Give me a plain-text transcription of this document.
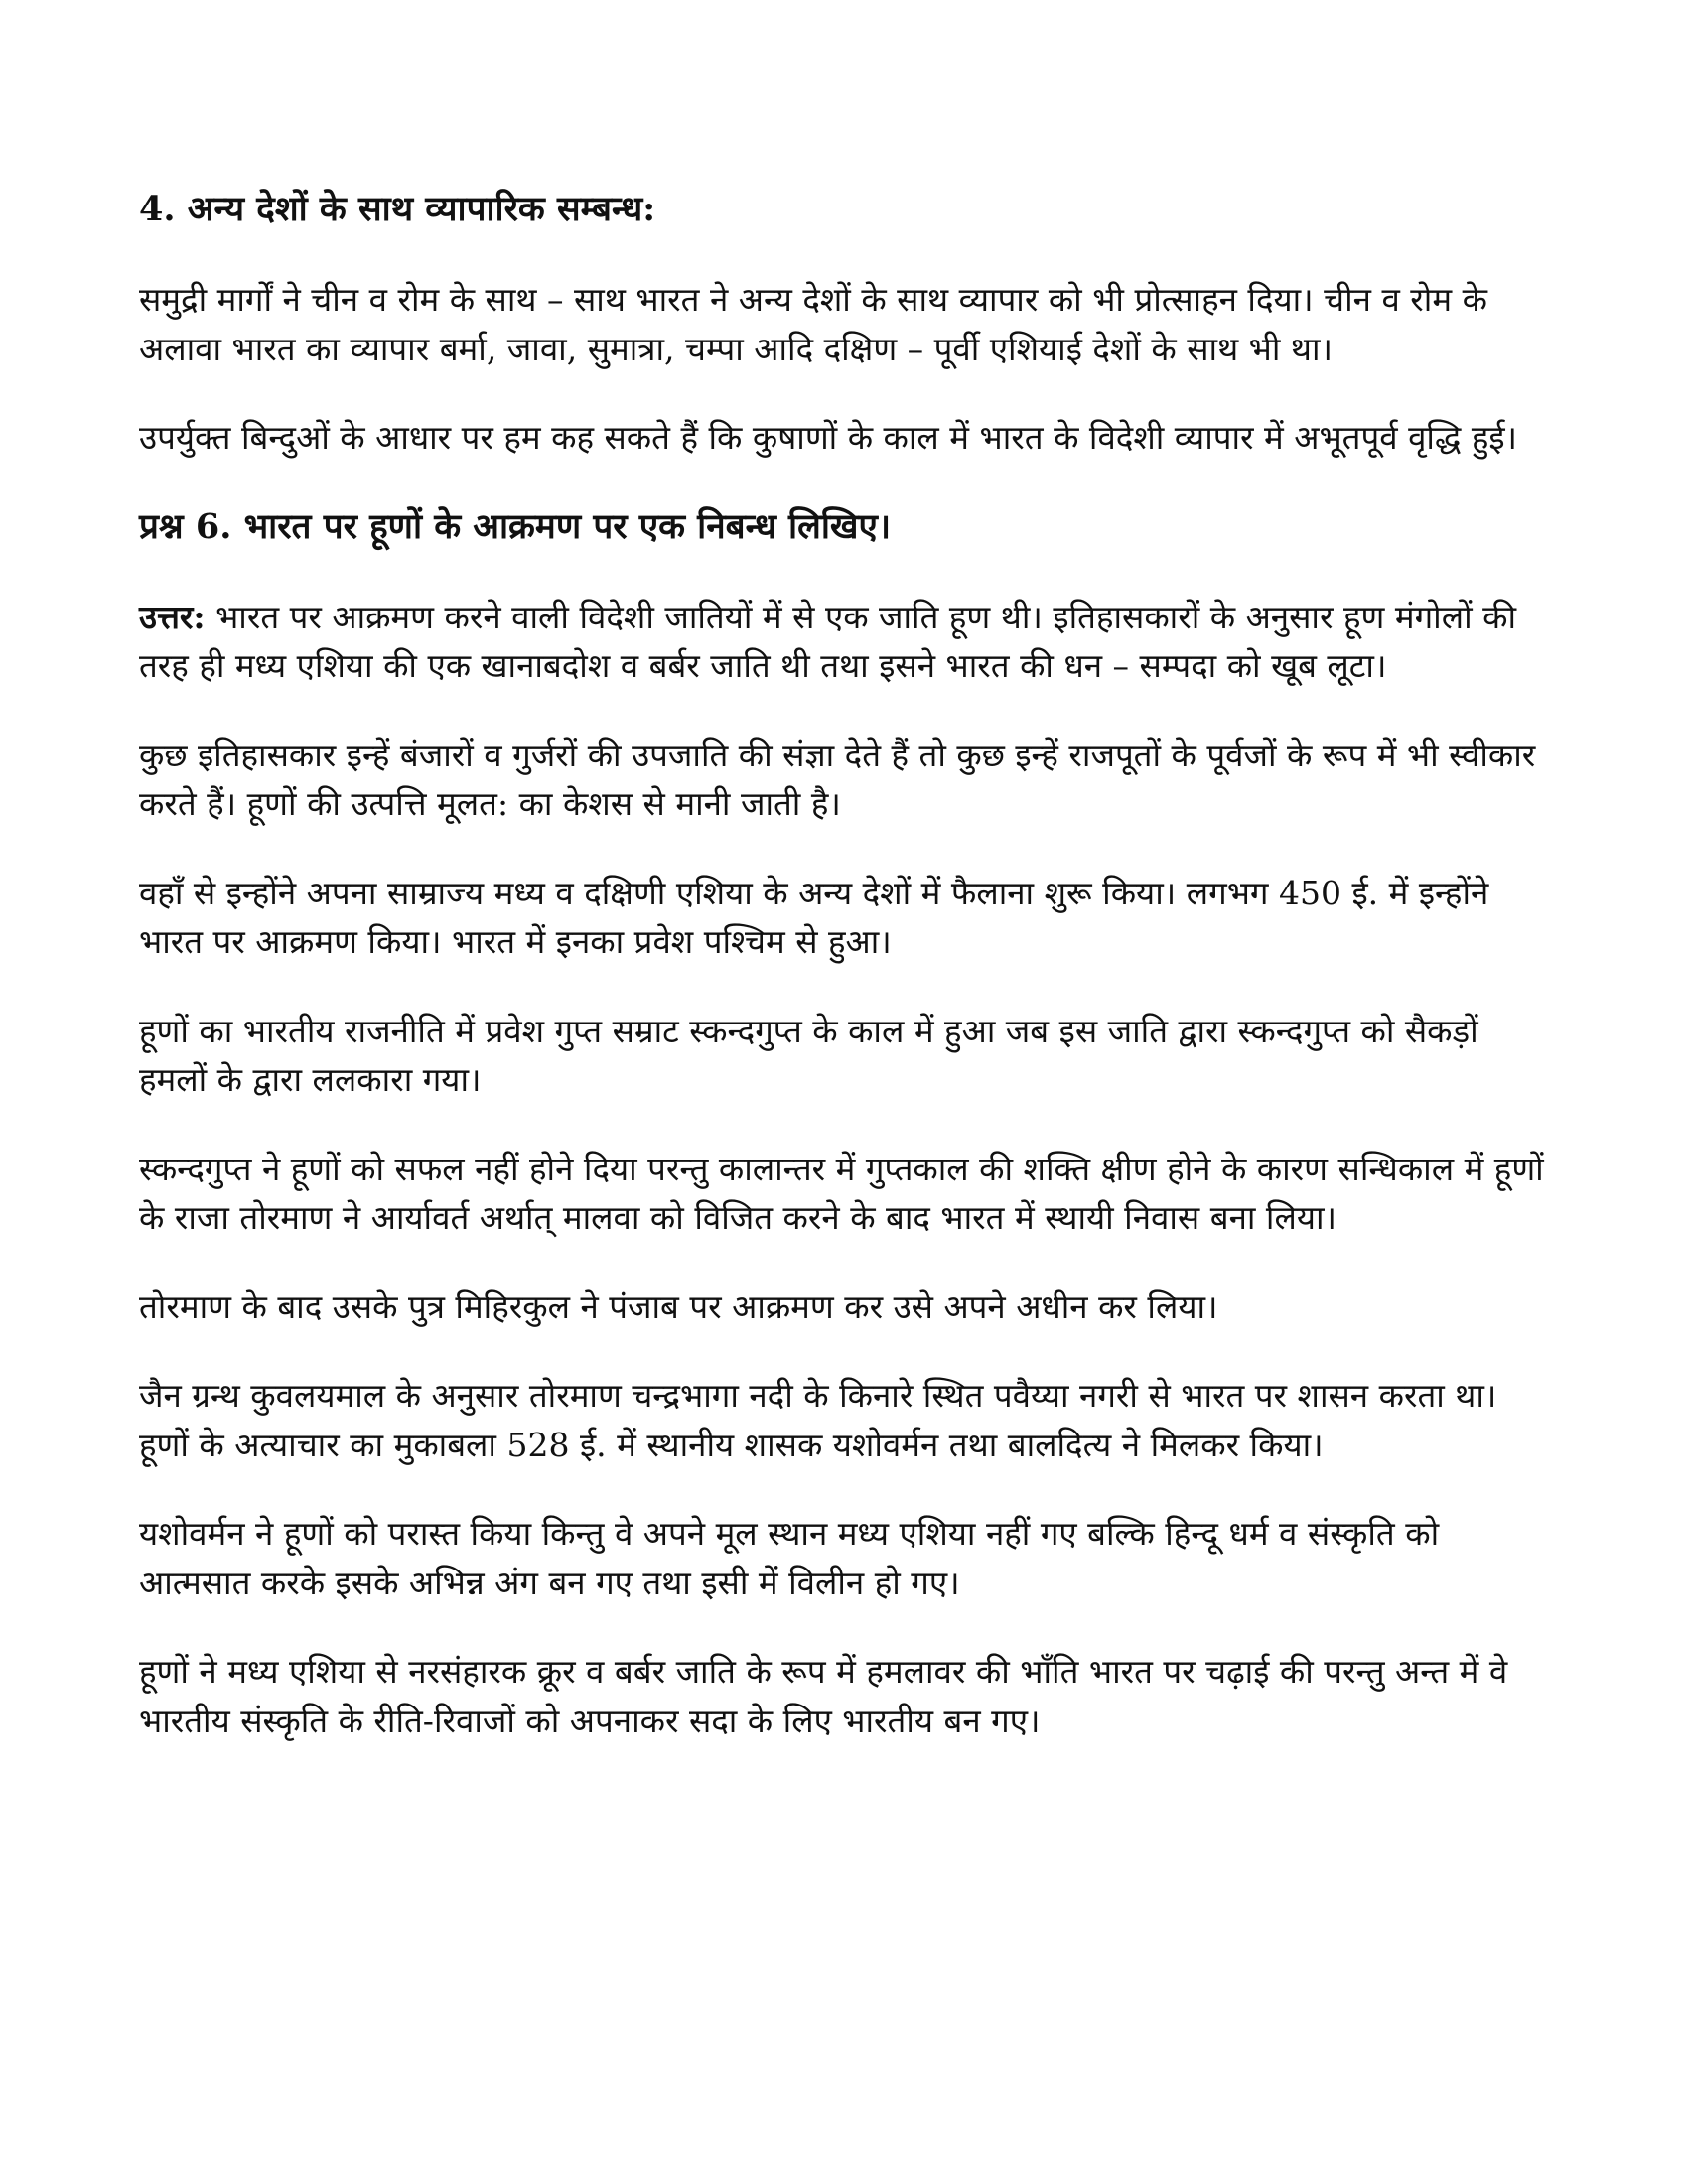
4. अन्य देशों के साथ व्यापारिक सम्बन्ध:

समुद्री मार्गों ने चीन व रोम के साथ – साथ भारत ने अन्य देशों के साथ व्यापार को भी प्रोत्साहन दिया। चीन व रोम के अलावा भारत का व्यापार बर्मा, जावा, सुमात्रा, चम्पा आदि दक्षिण – पूर्वी एशियाई देशों के साथ भी था।

उपर्युक्त बिन्दुओं के आधार पर हम कह सकते हैं कि कुषाणों के काल में भारत के विदेशी व्यापार में अभूतपूर्व वृद्धि हुई।

प्रश्न 6. भारत पर हूणों के आक्रमण पर एक निबन्ध लिखिए।

उत्तर: भारत पर आक्रमण करने वाली विदेशी जातियों में से एक जाति हूण थी। इतिहासकारों के अनुसार हूण मंगोलों की तरह ही मध्य एशिया की एक खानाबदोश व बर्बर जाति थी तथा इसने भारत की धन – सम्पदा को खूब लूटा।

कुछ इतिहासकार इन्हें बंजारों व गुर्जरों की उपजाति की संज्ञा देते हैं तो कुछ इन्हें राजपूतों के पूर्वजों के रूप में भी स्वीकार करते हैं। हूणों की उत्पत्ति मूलत: का केशस से मानी जाती है।

वहाँ से इन्होंने अपना साम्राज्य मध्य व दक्षिणी एशिया के अन्य देशों में फैलाना शुरू किया। लगभग 450 ई. में इन्होंने भारत पर आक्रमण किया। भारत में इनका प्रवेश पश्चिम से हुआ।

हूणों का भारतीय राजनीति में प्रवेश गुप्त सम्राट स्कन्दगुप्त के काल में हुआ जब इस जाति द्वारा स्कन्दगुप्त को सैकड़ों हमलों के द्वारा ललकारा गया।

स्कन्दगुप्त ने हूणों को सफल नहीं होने दिया परन्तु कालान्तर में गुप्तकाल की शक्ति क्षीण होने के कारण सन्धिकाल में हूणों के राजा तोरमाण ने आर्यावर्त अर्थात् मालवा को विजित करने के बाद भारत में स्थायी निवास बना लिया।

तोरमाण के बाद उसके पुत्र मिहिरकुल ने पंजाब पर आक्रमण कर उसे अपने अधीन कर लिया।

जैन ग्रन्थ कुवलयमाल के अनुसार तोरमाण चन्द्रभागा नदी के किनारे स्थित पवैय्या नगरी से भारत पर शासन करता था। हूणों के अत्याचार का मुकाबला 528 ई. में स्थानीय शासक यशोवर्मन तथा बालदित्य ने मिलकर किया।

यशोवर्मन ने हूणों को परास्त किया किन्तु वे अपने मूल स्थान मध्य एशिया नहीं गए बल्कि हिन्दू धर्म व संस्कृति को आत्मसात करके इसके अभिन्न अंग बन गए तथा इसी में विलीन हो गए।

हूणों ने मध्य एशिया से नरसंहारक क्रूर व बर्बर जाति के रूप में हमलावर की भाँति भारत पर चढ़ाई की परन्तु अन्त में वे भारतीय संस्कृति के रीति-रिवाजों को अपनाकर सदा के लिए भारतीय बन गए।
